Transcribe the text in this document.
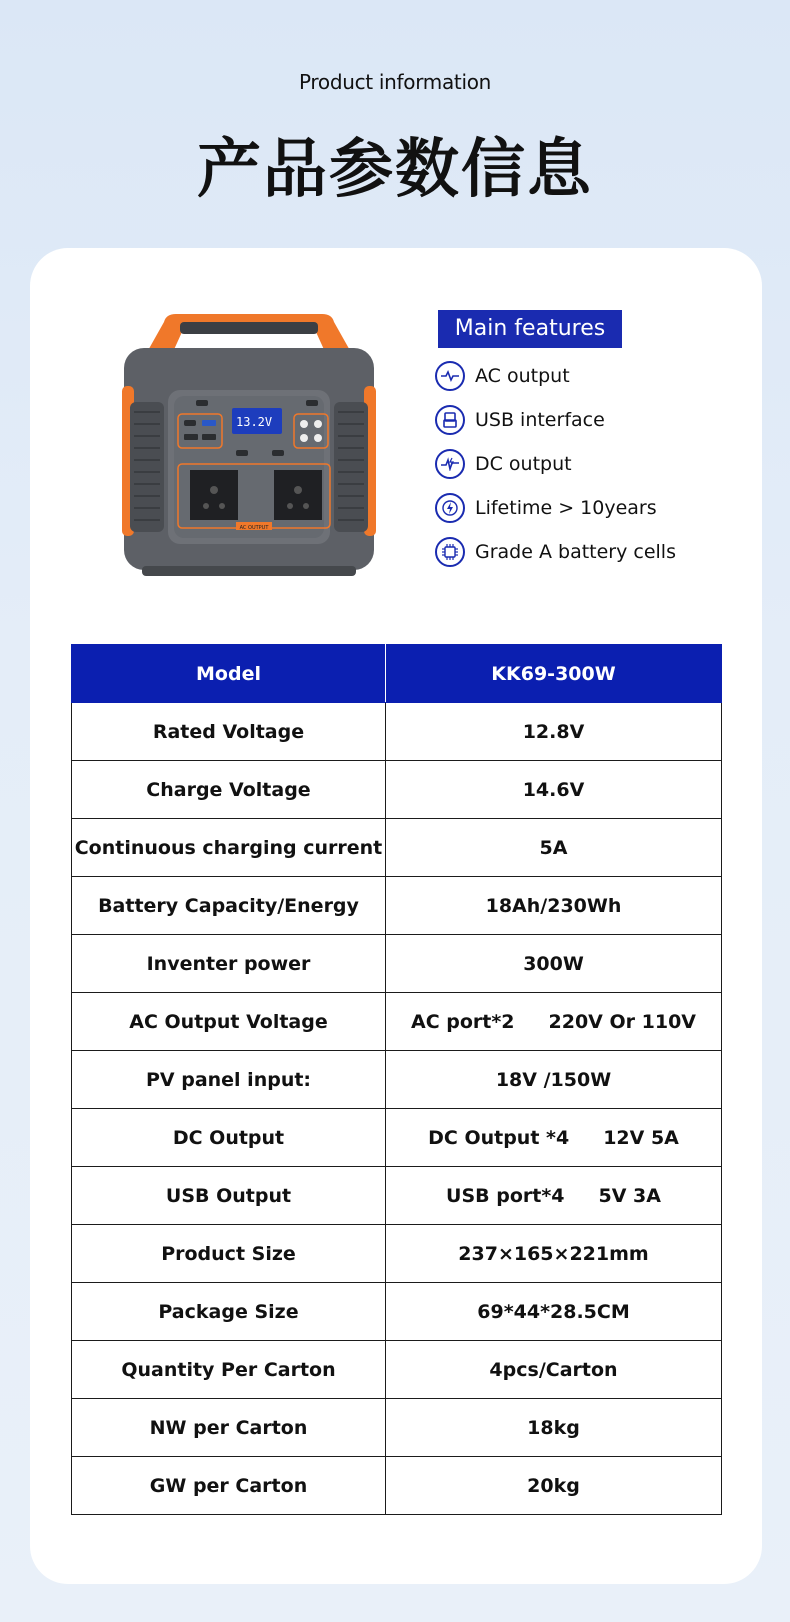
Product information
产品参数信息
13.2V
AC OUTPUT
Main features
AC output
USB interface
DC output
Lifetime > 10years
Grade A battery cells
Model	KK69-300W
Rated Voltage	12.8V
Charge Voltage	14.6V
Continuous charging current	5A
Battery Capacity/Energy	18Ah/230Wh
Inventer power	300W
AC Output Voltage	AC port*2 220V Or 110V
PV panel input:	18V /150W
DC Output	DC Output *4 12V 5A
USB Output	USB port*4 5V 3A
Product Size	237×165×221mm
Package Size	69*44*28.5CM
Quantity Per Carton	4pcs/Carton
NW per Carton	18kg
GW per Carton	20kg
